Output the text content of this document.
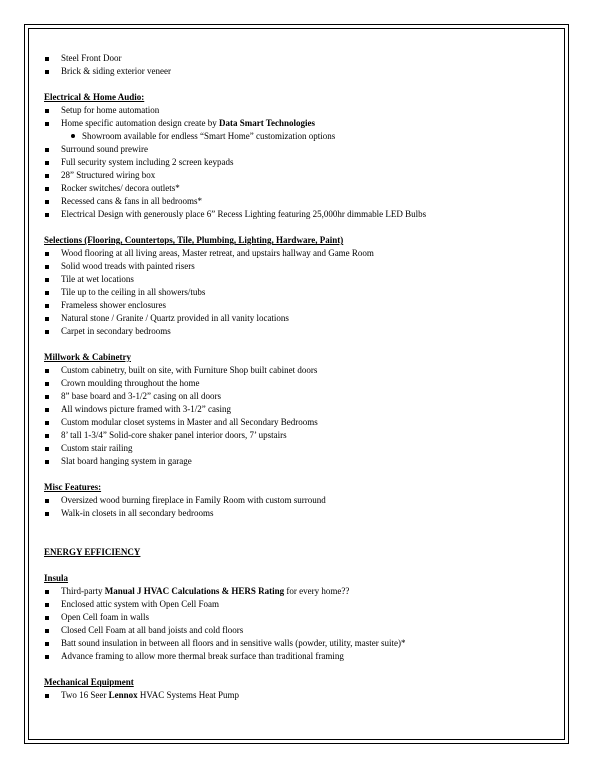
Steel Front Door
Brick & siding exterior veneer
Electrical & Home Audio:
Setup for home automation
Home specific automation design create by Data Smart Technologies
Showroom available for endless “Smart Home” customization options
Surround sound prewire
Full security system including 2 screen keypads
28” Structured wiring box
Rocker switches/ decora outlets*
Recessed cans & fans in all bedrooms*
Electrical Design with generously place 6” Recess Lighting featuring 25,000hr dimmable LED Bulbs
Selections (Flooring, Countertops, Tile, Plumbing, Lighting, Hardware, Paint)
Wood flooring at all living areas, Master retreat, and upstairs hallway and Game Room
Solid wood treads with painted risers
Tile at wet locations
Tile up to the ceiling in all showers/tubs
Frameless shower enclosures
Natural stone / Granite / Quartz provided in all vanity locations
Carpet in secondary bedrooms
Millwork & Cabinetry
Custom cabinetry, built on site, with Furniture Shop built cabinet doors
Crown moulding throughout the home
8” base board and 3-1/2” casing on all doors
All windows picture framed with 3-1/2” casing
Custom modular closet systems in Master and all Secondary Bedrooms
8’ tall 1-3/4” Solid-core shaker panel interior doors, 7’ upstairs
Custom stair railing
Slat board hanging system in garage
Misc Features:
Oversized wood burning fireplace in Family Room with custom surround
Walk-in closets in all secondary bedrooms
ENERGY EFFICIENCY
Insula
Third-party Manual J HVAC Calculations & HERS Rating for every home??
Enclosed attic system with Open Cell Foam
Open Cell foam in walls
Closed Cell Foam at all band joists and cold floors
Batt sound insulation in between all floors and in sensitive walls (powder, utility, master suite)*
Advance framing to allow more thermal break surface than traditional framing
Mechanical Equipment
Two 16 Seer Lennox HVAC Systems Heat Pump
